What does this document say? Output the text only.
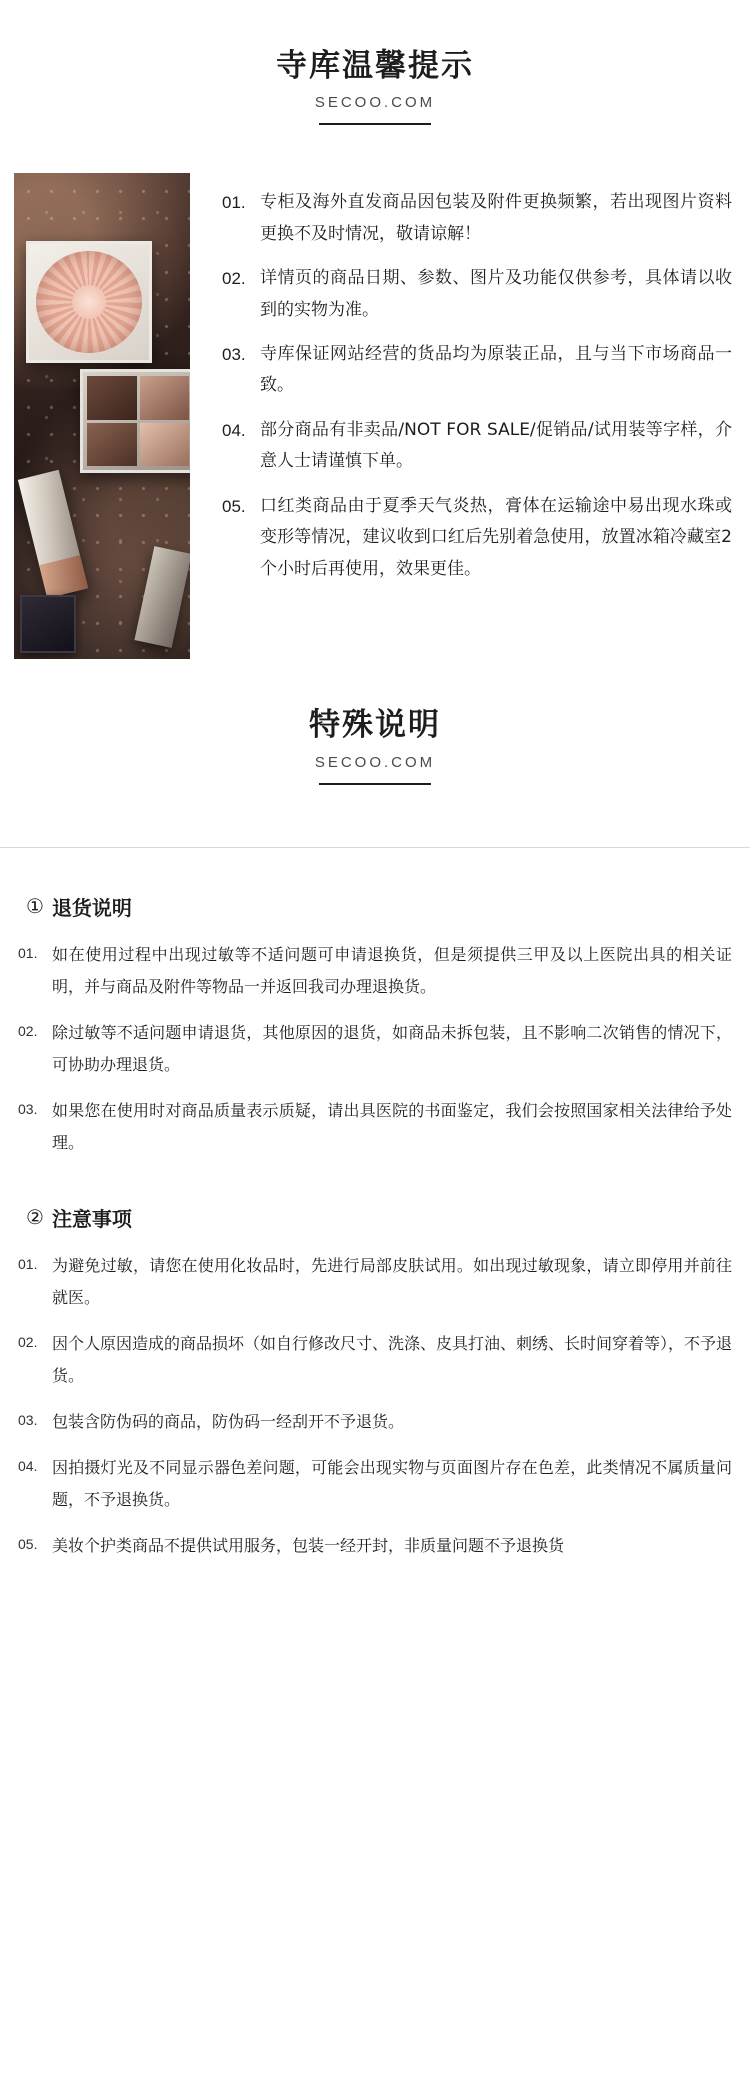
寺库温馨提示
SECOO.COM
01. 专柜及海外直发商品因包装及附件更换频繁，若出现图片资料更换不及时情况，敬请谅解！
02. 详情页的商品日期、参数、图片及功能仅供参考，具体请以收到的实物为准。
03. 寺库保证网站经营的货品均为原装正品，且与当下市场商品一致。
04. 部分商品有非卖品/NOT FOR SALE/促销品/试用装等字样，介意人士请谨慎下单。
05. 口红类商品由于夏季天气炎热，膏体在运输途中易出现水珠或变形等情况，建议收到口红后先别着急使用，放置冰箱冷藏室2个小时后再使用，效果更佳。
特殊说明
SECOO.COM
① 退货说明
01. 如在使用过程中出现过敏等不适问题可申请退换货，但是须提供三甲及以上医院出具的相关证明，并与商品及附件等物品一并返回我司办理退换货。
02. 除过敏等不适问题申请退货，其他原因的退货，如商品未拆包装，且不影响二次销售的情况下，可协助办理退货。
03. 如果您在使用时对商品质量表示质疑，请出具医院的书面鉴定，我们会按照国家相关法律给予处理。
② 注意事项
01. 为避免过敏，请您在使用化妆品时，先进行局部皮肤试用。如出现过敏现象，请立即停用并前往就医。
02. 因个人原因造成的商品损坏（如自行修改尺寸、洗涤、皮具打油、刺绣、长时间穿着等），不予退货。
03. 包装含防伪码的商品，防伪码一经刮开不予退货。
04. 因拍摄灯光及不同显示器色差问题，可能会出现实物与页面图片存在色差，此类情况不属质量问题，不予退换货。
05. 美妆个护类商品不提供试用服务，包装一经开封，非质量问题不予退换货
